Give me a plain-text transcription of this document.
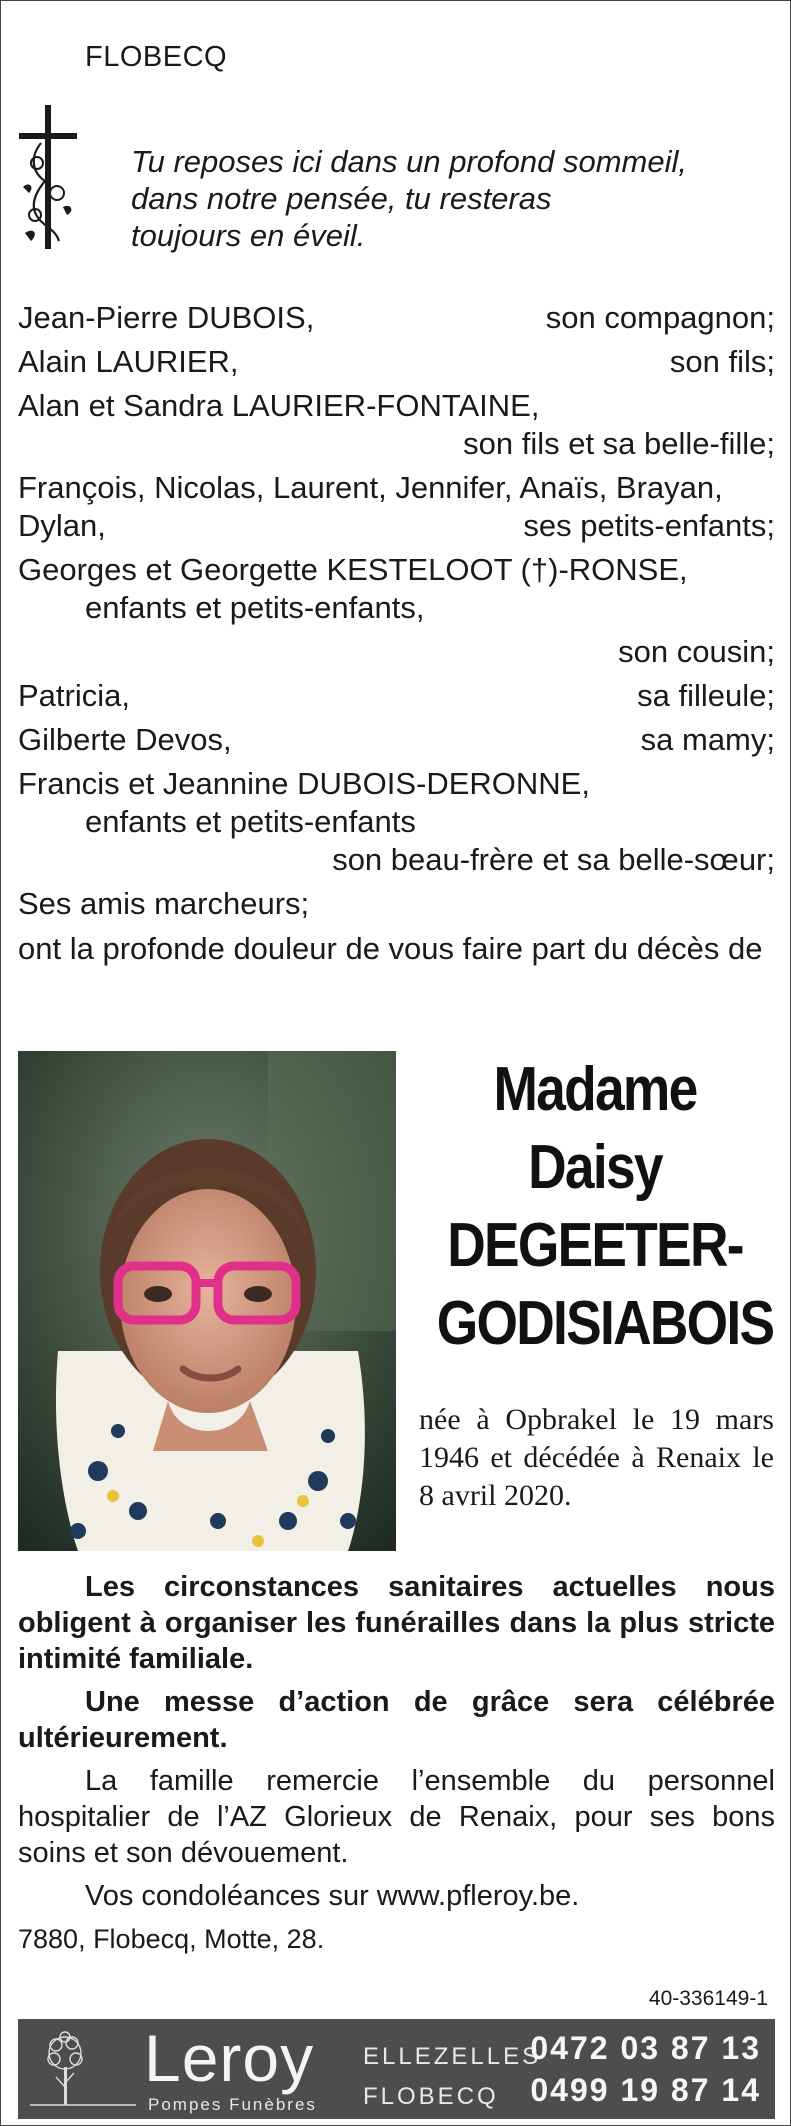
FLOBECQ
Tu reposes ici dans un profond sommeil,
dans notre pensée, tu resteras
toujours en éveil.
Jean-Pierre DUBOIS,	son compagnon;
Alain LAURIER,	son fils;
Alan et Sandra LAURIER-FONTAINE,
son fils et sa belle-fille;
François, Nicolas, Laurent, Jennifer, Anaïs, Brayan,
Dylan,	ses petits-enfants;
Georges et Georgette KESTELOOT (†)-RONSE,
enfants et petits-enfants,
son cousin;
Patricia,	sa filleule;
Gilberte Devos,	sa mamy;
Francis et Jeannine DUBOIS-DERONNE,
enfants et petits-enfants
son beau-frère et sa belle-sœur;
Ses amis marcheurs;
ont la profonde douleur de vous faire part du décès de
Madame
Daisy
DEGEETER-
GODISIABOIS
née à Opbrakel le 19 mars 1946 et décédée à Renaix le 8 avril 2020.

Les circonstances sanitaires actuelles nous obligent à organiser les funérailles dans la plus stricte intimité familiale.

Une messe d’action de grâce sera célébrée ultérieurement.

La famille remercie l’ensemble du personnel hospitalier de l’AZ Glorieux de Renaix, pour ses bons soins et son dévouement.

Vos condoléances sur www.pfleroy.be.

7880, Flobecq, Motte, 28.

40-336149-1
Leroy
Pompes Funèbres
ELLEZELLES
FLOBECQ
0472 03 87 13
0499 19 87 14
